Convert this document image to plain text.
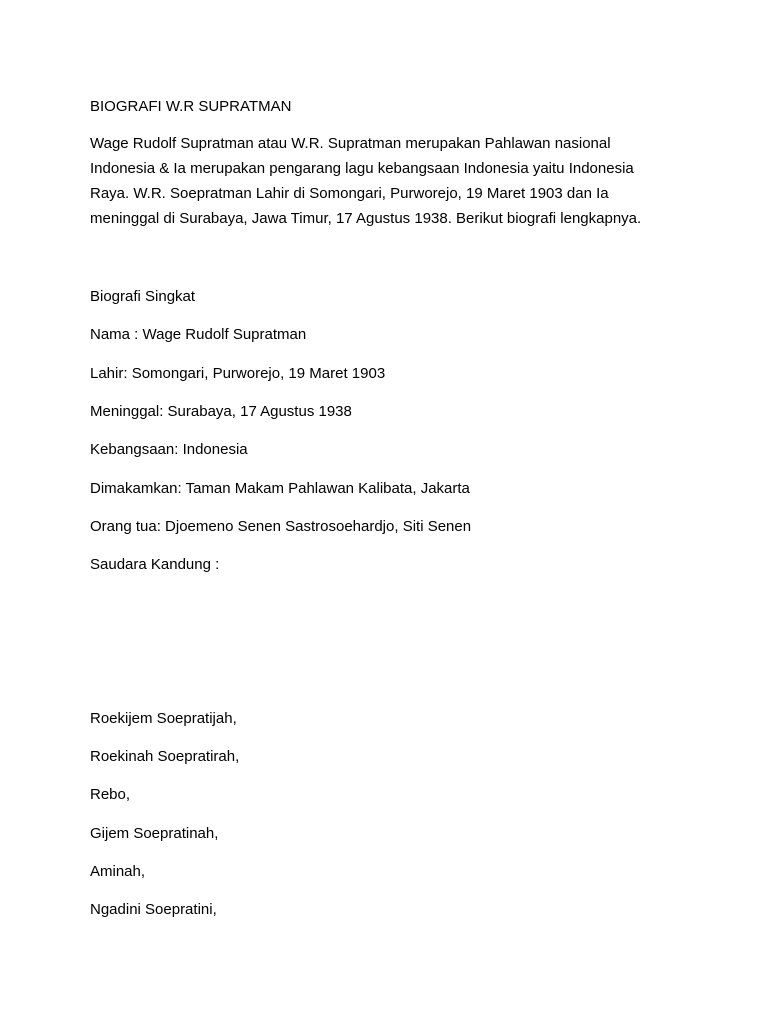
BIOGRAFI W.R SUPRATMAN
Wage Rudolf Supratman atau W.R. Supratman merupakan Pahlawan nasional
Indonesia & Ia merupakan pengarang lagu kebangsaan Indonesia yaitu Indonesia
Raya. W.R. Soepratman Lahir di Somongari, Purworejo, 19 Maret 1903 dan Ia
meninggal di Surabaya, Jawa Timur, 17 Agustus 1938. Berikut biografi lengkapnya.
Biografi Singkat
Nama : Wage Rudolf Supratman
Lahir: Somongari, Purworejo, 19 Maret 1903
Meninggal: Surabaya, 17 Agustus 1938
Kebangsaan: Indonesia
Dimakamkan: Taman Makam Pahlawan Kalibata, Jakarta
Orang tua: Djoemeno Senen Sastrosoehardjo, Siti Senen
Saudara Kandung :
Roekijem Soepratijah,
Roekinah Soepratirah,
Rebo,
Gijem Soepratinah,
Aminah,
Ngadini Soepratini,
